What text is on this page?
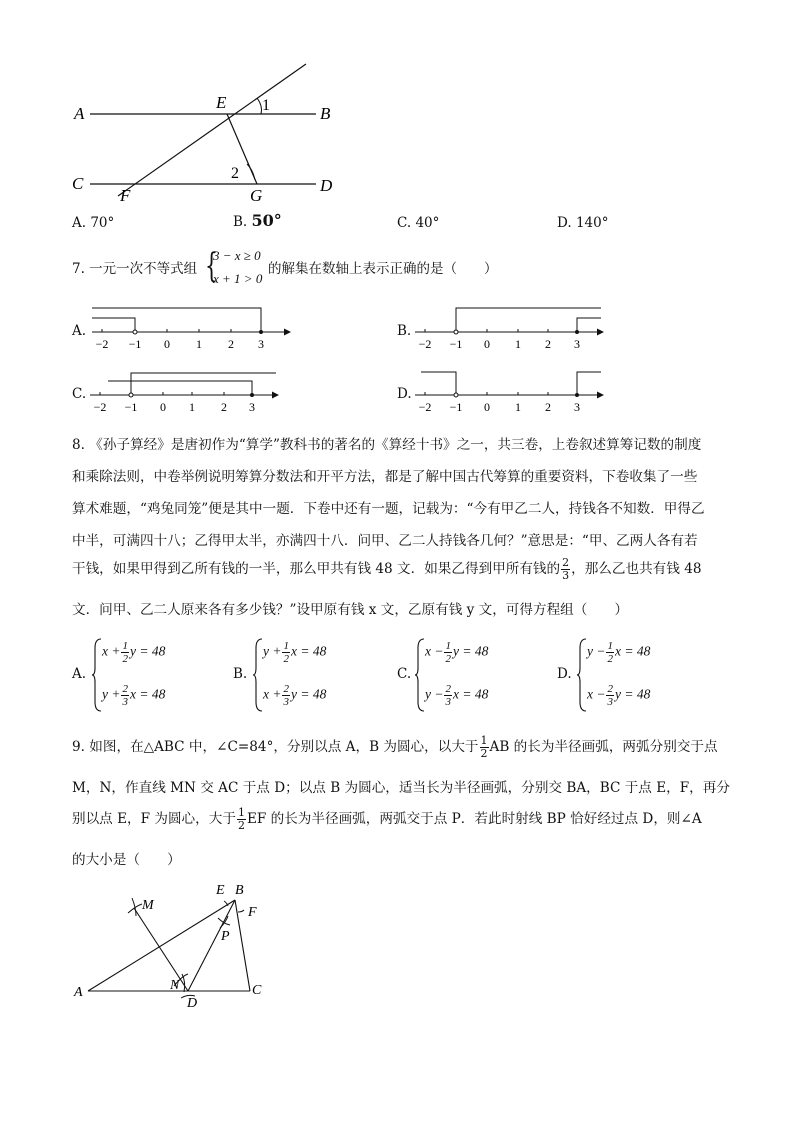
A	B
C	D
E
F	G
1
2
A. 70°	B. 50°	C. 40°	D. 140°
7. 一元一次不等式组 {
3 − x ≥ 0
x + 1 > 0
的解集在数轴上表示正确的是（　　）
A.
−2 −1 0 1 2 3
B.
−2 −1 0 1 2 3
C.
−2 −1 0 1 2 3
D.
−2 −1 0 1 2 3
8. 《孙子算经》是唐初作为“算学”教科书的著名的《算经十书》之一，共三卷，上卷叙述算筹记数的制度
和乘除法则，中卷举例说明筹算分数法和开平方法，都是了解中国古代筹算的重要资料，下卷收集了一些
算术难题，“鸡兔同笼”便是其中一题．下卷中还有一题，记载为：“今有甲乙二人，持钱各不知数．甲得乙
中半，可满四十八；乙得甲太半，亦满四十八．问甲、乙二人持钱各几何？”意思是：“甲、乙两人各有若
干钱，如果甲得到乙所有钱的一半，那么甲共有钱 48 文．如果乙得到甲所有钱的 $\frac{2}{3}$ ，那么乙也共有钱 48
文．问甲、乙二人原来各有多少钱？”设甲原有钱 x 文，乙原有钱 y 文，可得方程组（　　）
A.
$x + \frac{1}{2}$ y = 48
$y + \frac{2}{3}$ x = 48
B.
$y + \frac{1}{2}$ x = 48
$x + \frac{2}{3}$ y = 48
C.
$x - \frac{1}{2}$ y = 48
$y - \frac{2}{3}$ x = 48
D.
$y - \frac{1}{2}$ x = 48
$x - \frac{2}{3}$ y = 48
9. 如图，在△ABC 中，∠C=84°，分别以点 A，B 为圆心，以大于 $\frac{1}{2}$ AB 的长为半径画弧，两弧分别交于点
M，N，作直线 MN 交 AC 于点 D；以点 B 为圆心，适当长为半径画弧，分别交 BA，BC 于点 E，F，再分
别以点 E，F 为圆心，大于 $\frac{1}{2}$ EF 的长为半径画弧，两弧交于点 P．若此时射线 BP 恰好经过点 D，则∠A
的大小是（　　）
M
E B
F
P
N
A
D
C
